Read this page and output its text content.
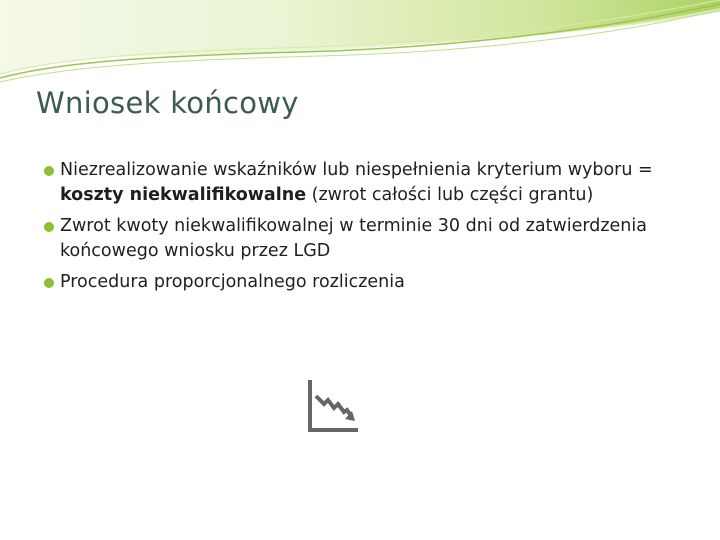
Wniosek końcowy
Niezrealizowanie wskaźników lub niespełnienia kryterium wyboru = koszty niekwalifikowalne (zwrot całości lub części grantu)
Zwrot kwoty niekwalifikowalnej w terminie 30 dni od zatwierdzenia końcowego wniosku przez LGD
Procedura proporcjonalnego rozliczenia
